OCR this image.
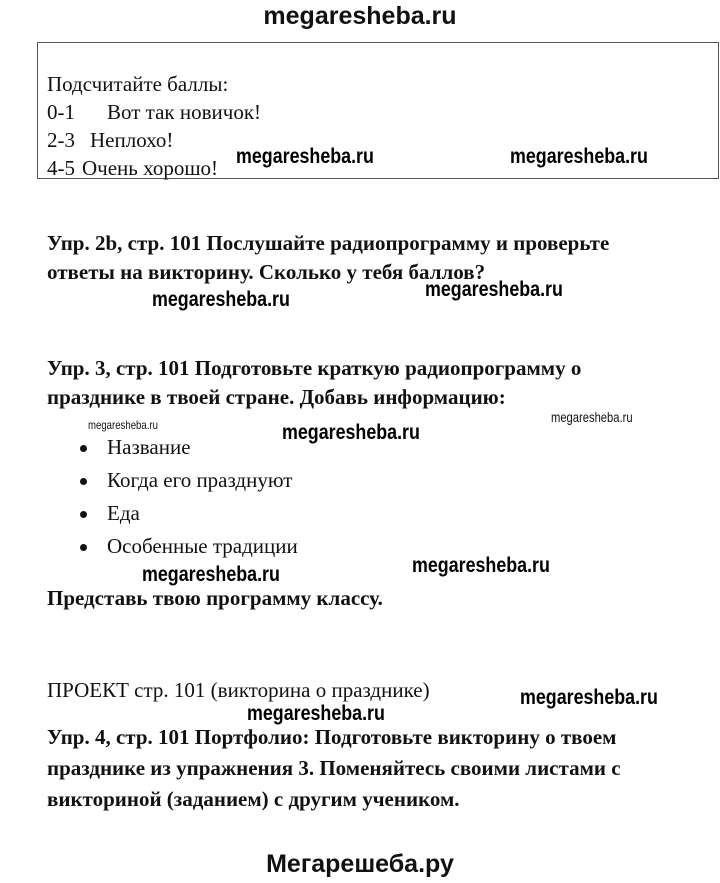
megaresheba.ru
Подсчитайте баллы:
0-1 Вот так новичок!
2-3 Неплохо!
4-5 Очень хорошо! megaresheba.ru	megaresheba.ru
Упр. 2b, стр. 101 Послушайте радиопрограмму и проверьте
ответы на викторину. Сколько у тебя баллов?
megaresheba.ru
megaresheba.ru
Упр. 3, стр. 101 Подготовьте краткую радиопрограмму о
празднике в твоей стране. Добавь информацию:
megaresheba.ru
megaresheba.ru	megaresheba.ru
Название
Когда его празднуют
Еда
Особенные традиции
megaresheba.ru
megaresheba.ru
Представь твою программу классу.
ПРОЕКТ стр. 101 (викторина о празднике)	megaresheba.ru
megaresheba.ru
Упр. 4, стр. 101 Портфолио: Подготовьте викторину о твоем
празднике из упражнения 3. Поменяйтесь своими листами с
викториной (заданием) с другим учеником.
Мегарешеба.ру
